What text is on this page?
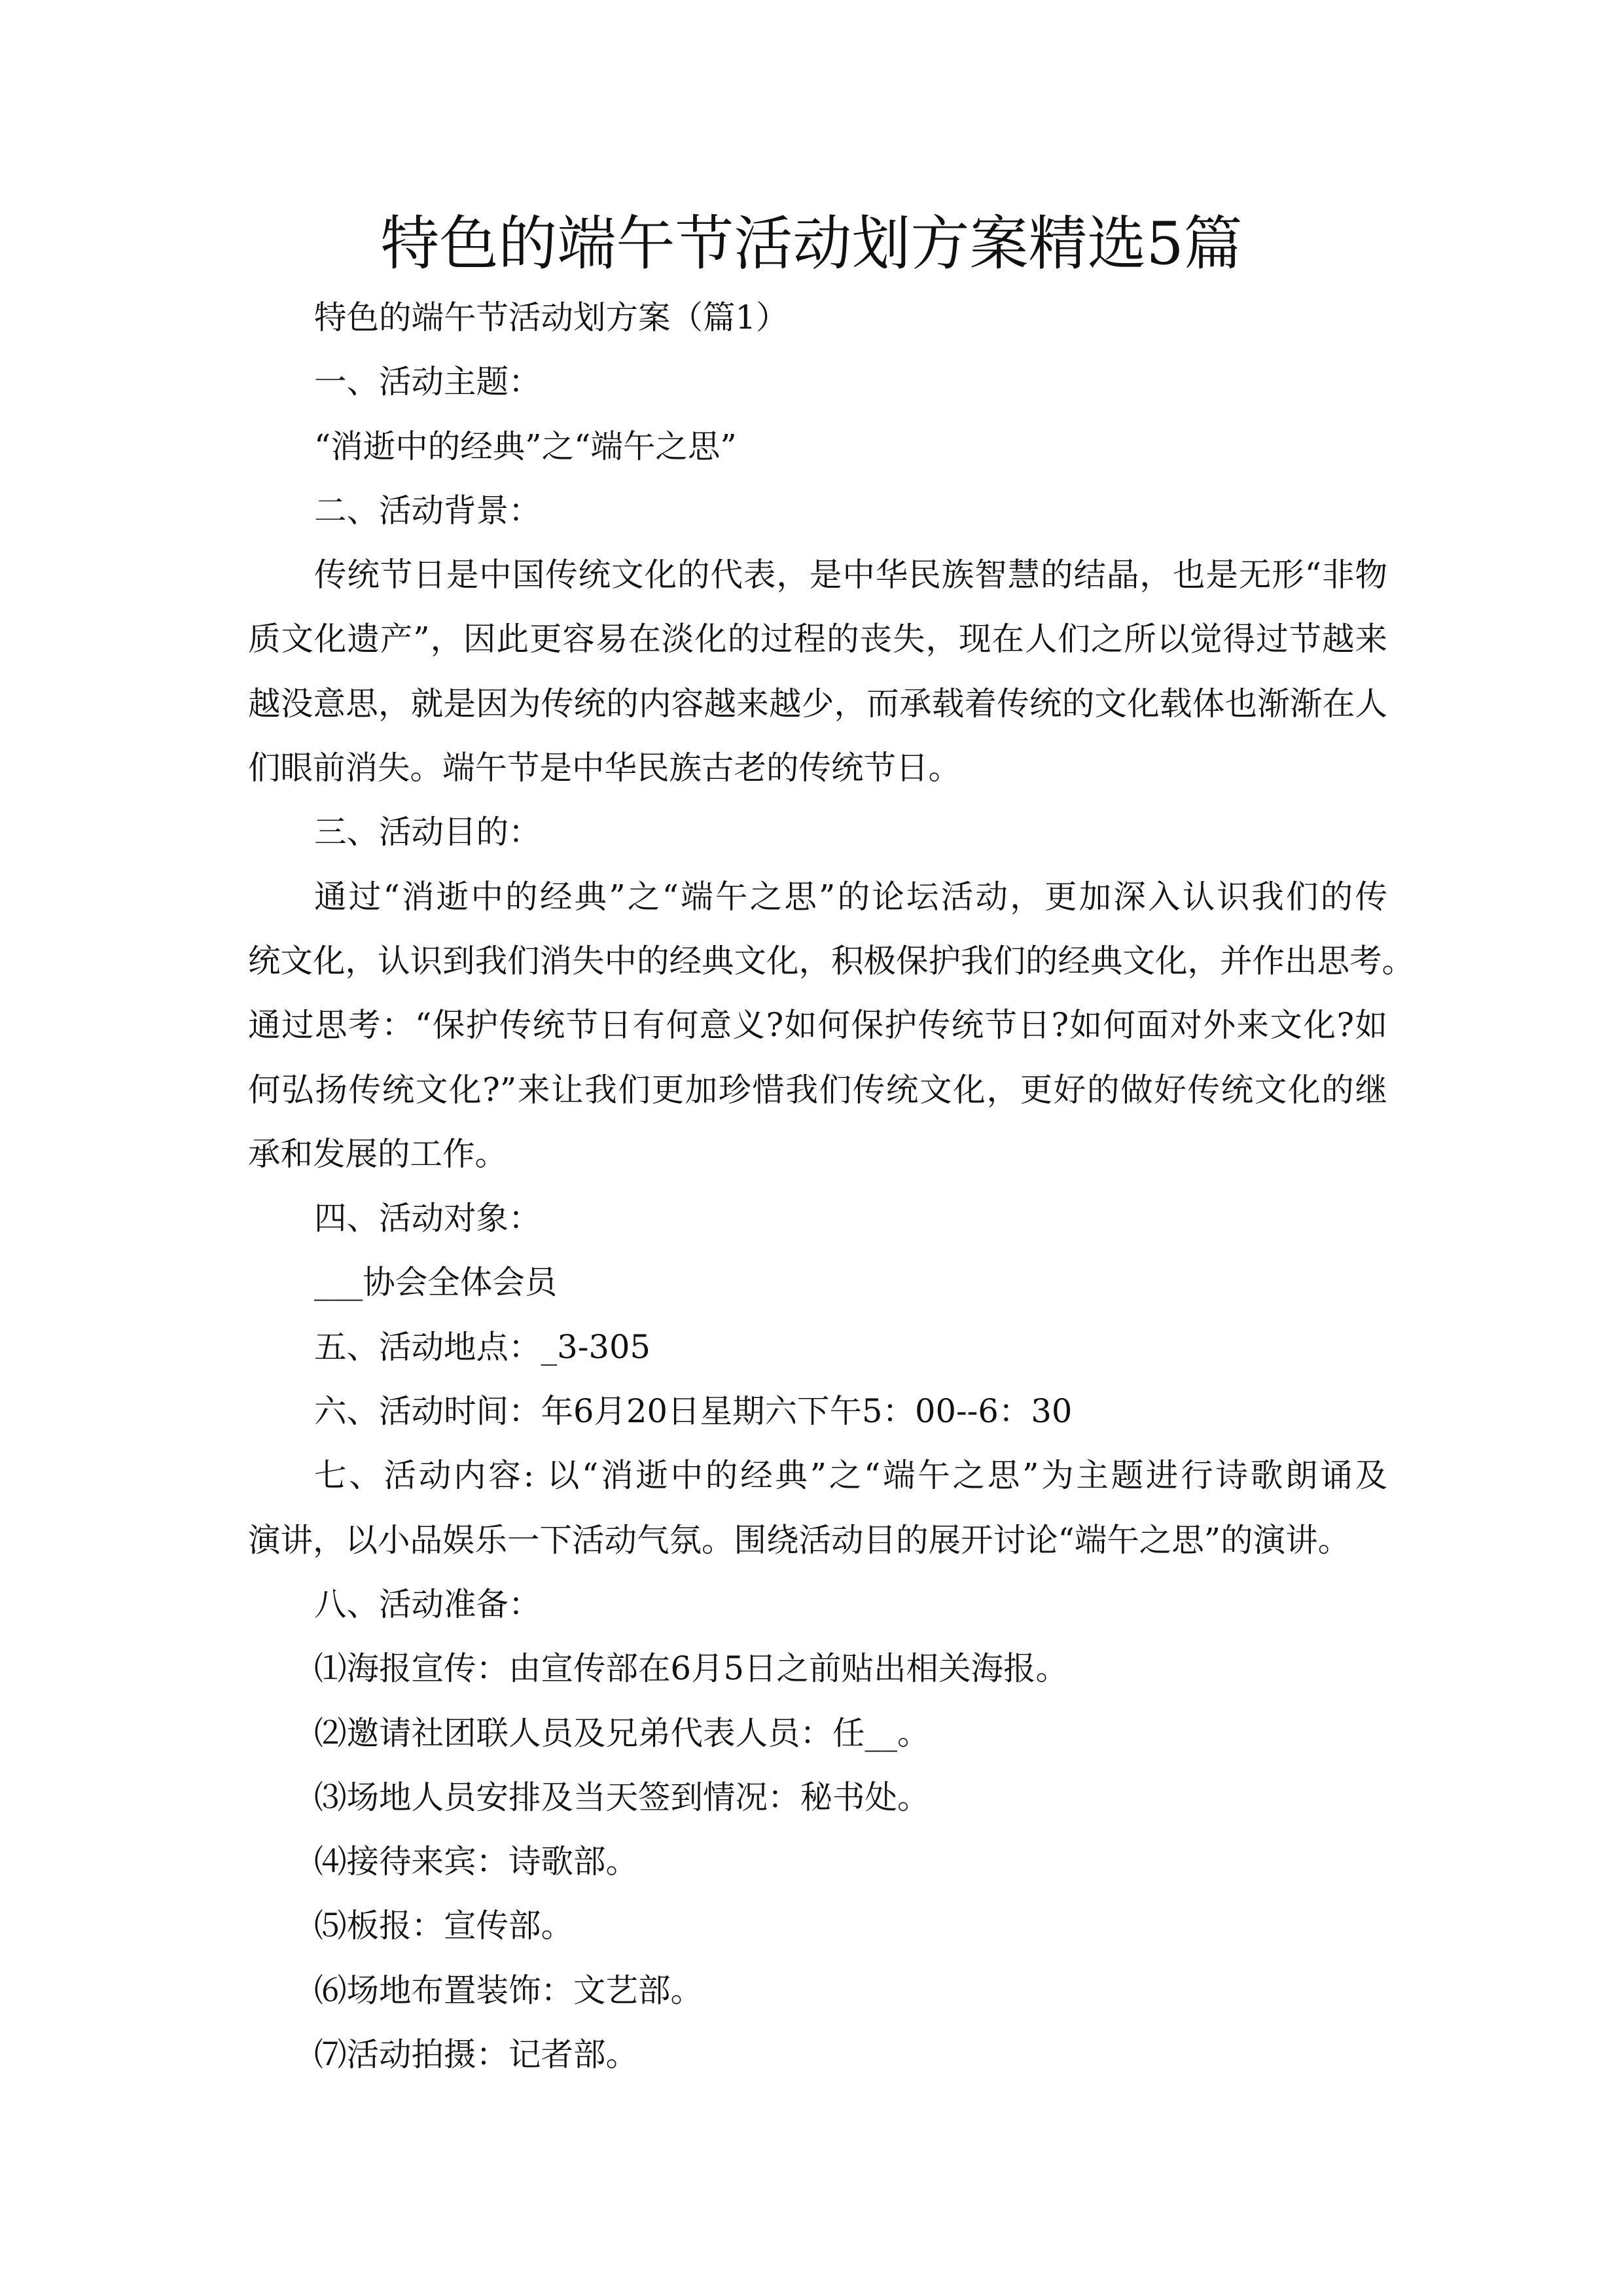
特色的端午节活动划方案精选5篇
特色的端午节活动划方案（篇1）
一、活动主题：
“消逝中的经典”之“端午之思”
二、活动背景：
传统节日是中国传统文化的代表，是中华民族智慧的结晶，也是无形“非物
质文化遗产”，因此更容易在淡化的过程的丧失，现在人们之所以觉得过节越来
越没意思，就是因为传统的内容越来越少，而承载着传统的文化载体也渐渐在人
们眼前消失。端午节是中华民族古老的传统节日。
三、活动目的：
通过“消逝中的经典”之“端午之思”的论坛活动，更加深入认识我们的传
统文化，认识到我们消失中的经典文化，积极保护我们的经典文化，并作出思考。
通过思考：“保护传统节日有何意义?如何保护传统节日?如何面对外来文化?如
何弘扬传统文化?”来让我们更加珍惜我们传统文化，更好的做好传统文化的继
承和发展的工作。
四、活动对象：
___协会全体会员
五、活动地点：_3-305
六、活动时间：年6月20日星期六下午5：00--6：30
七、活动内容: 以“消逝中的经典”之“端午之思”为主题进行诗歌朗诵及
演讲，以小品娱乐一下活动气氛。围绕活动目的展开讨论“端午之思”的演讲。
八、活动准备：
⑴海报宣传：由宣传部在6月5日之前贴出相关海报。
⑵邀请社团联人员及兄弟代表人员：任__。
⑶场地人员安排及当天签到情况：秘书处。
⑷接待来宾：诗歌部。
⑸板报：宣传部。
⑹场地布置装饰：文艺部。
⑺活动拍摄：记者部。
